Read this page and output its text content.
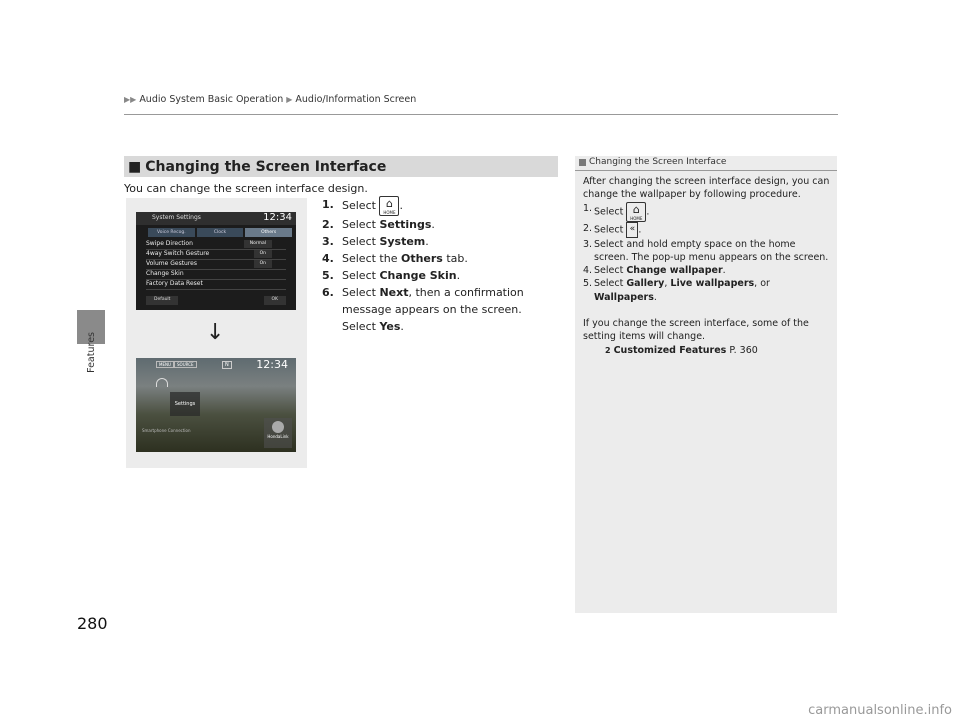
▶▶ Audio System Basic Operation ▶ Audio/Information Screen
Features
280
■ Changing the Screen Interface
You can change the screen interface design.
1. Select ⌂
HOME
.
2. Select Settings.
3. Select System.
4. Select the Others tab.
5. Select Change Skin.
6. Select Next, then a confirmation message appears on the screen. Select Yes.
System Settings	12:34
Voice Recog.	Clock	Others
Swipe Direction	Normal
4way Switch Gesture	On
Volume Gestures	On
Change Skin
Factory Data Reset
Default	OK
↓
MENU	SOURCE	N	12:34
Settings
Smartphone Connection
HondaLink
Changing the Screen Interface

After changing the screen interface design, you can change the wallpaper by following procedure.

1. Select ⌂
HOME
.
2. Select « .
3. Select and hold empty space on the home screen. The pop-up menu appears on the screen.
4. Select Change wallpaper.
5. Select Gallery, Live wallpapers, or Wallpapers.

If you change the screen interface, some of the setting items will change.

2 Customized Features P. 360
carmanualsonline.info
